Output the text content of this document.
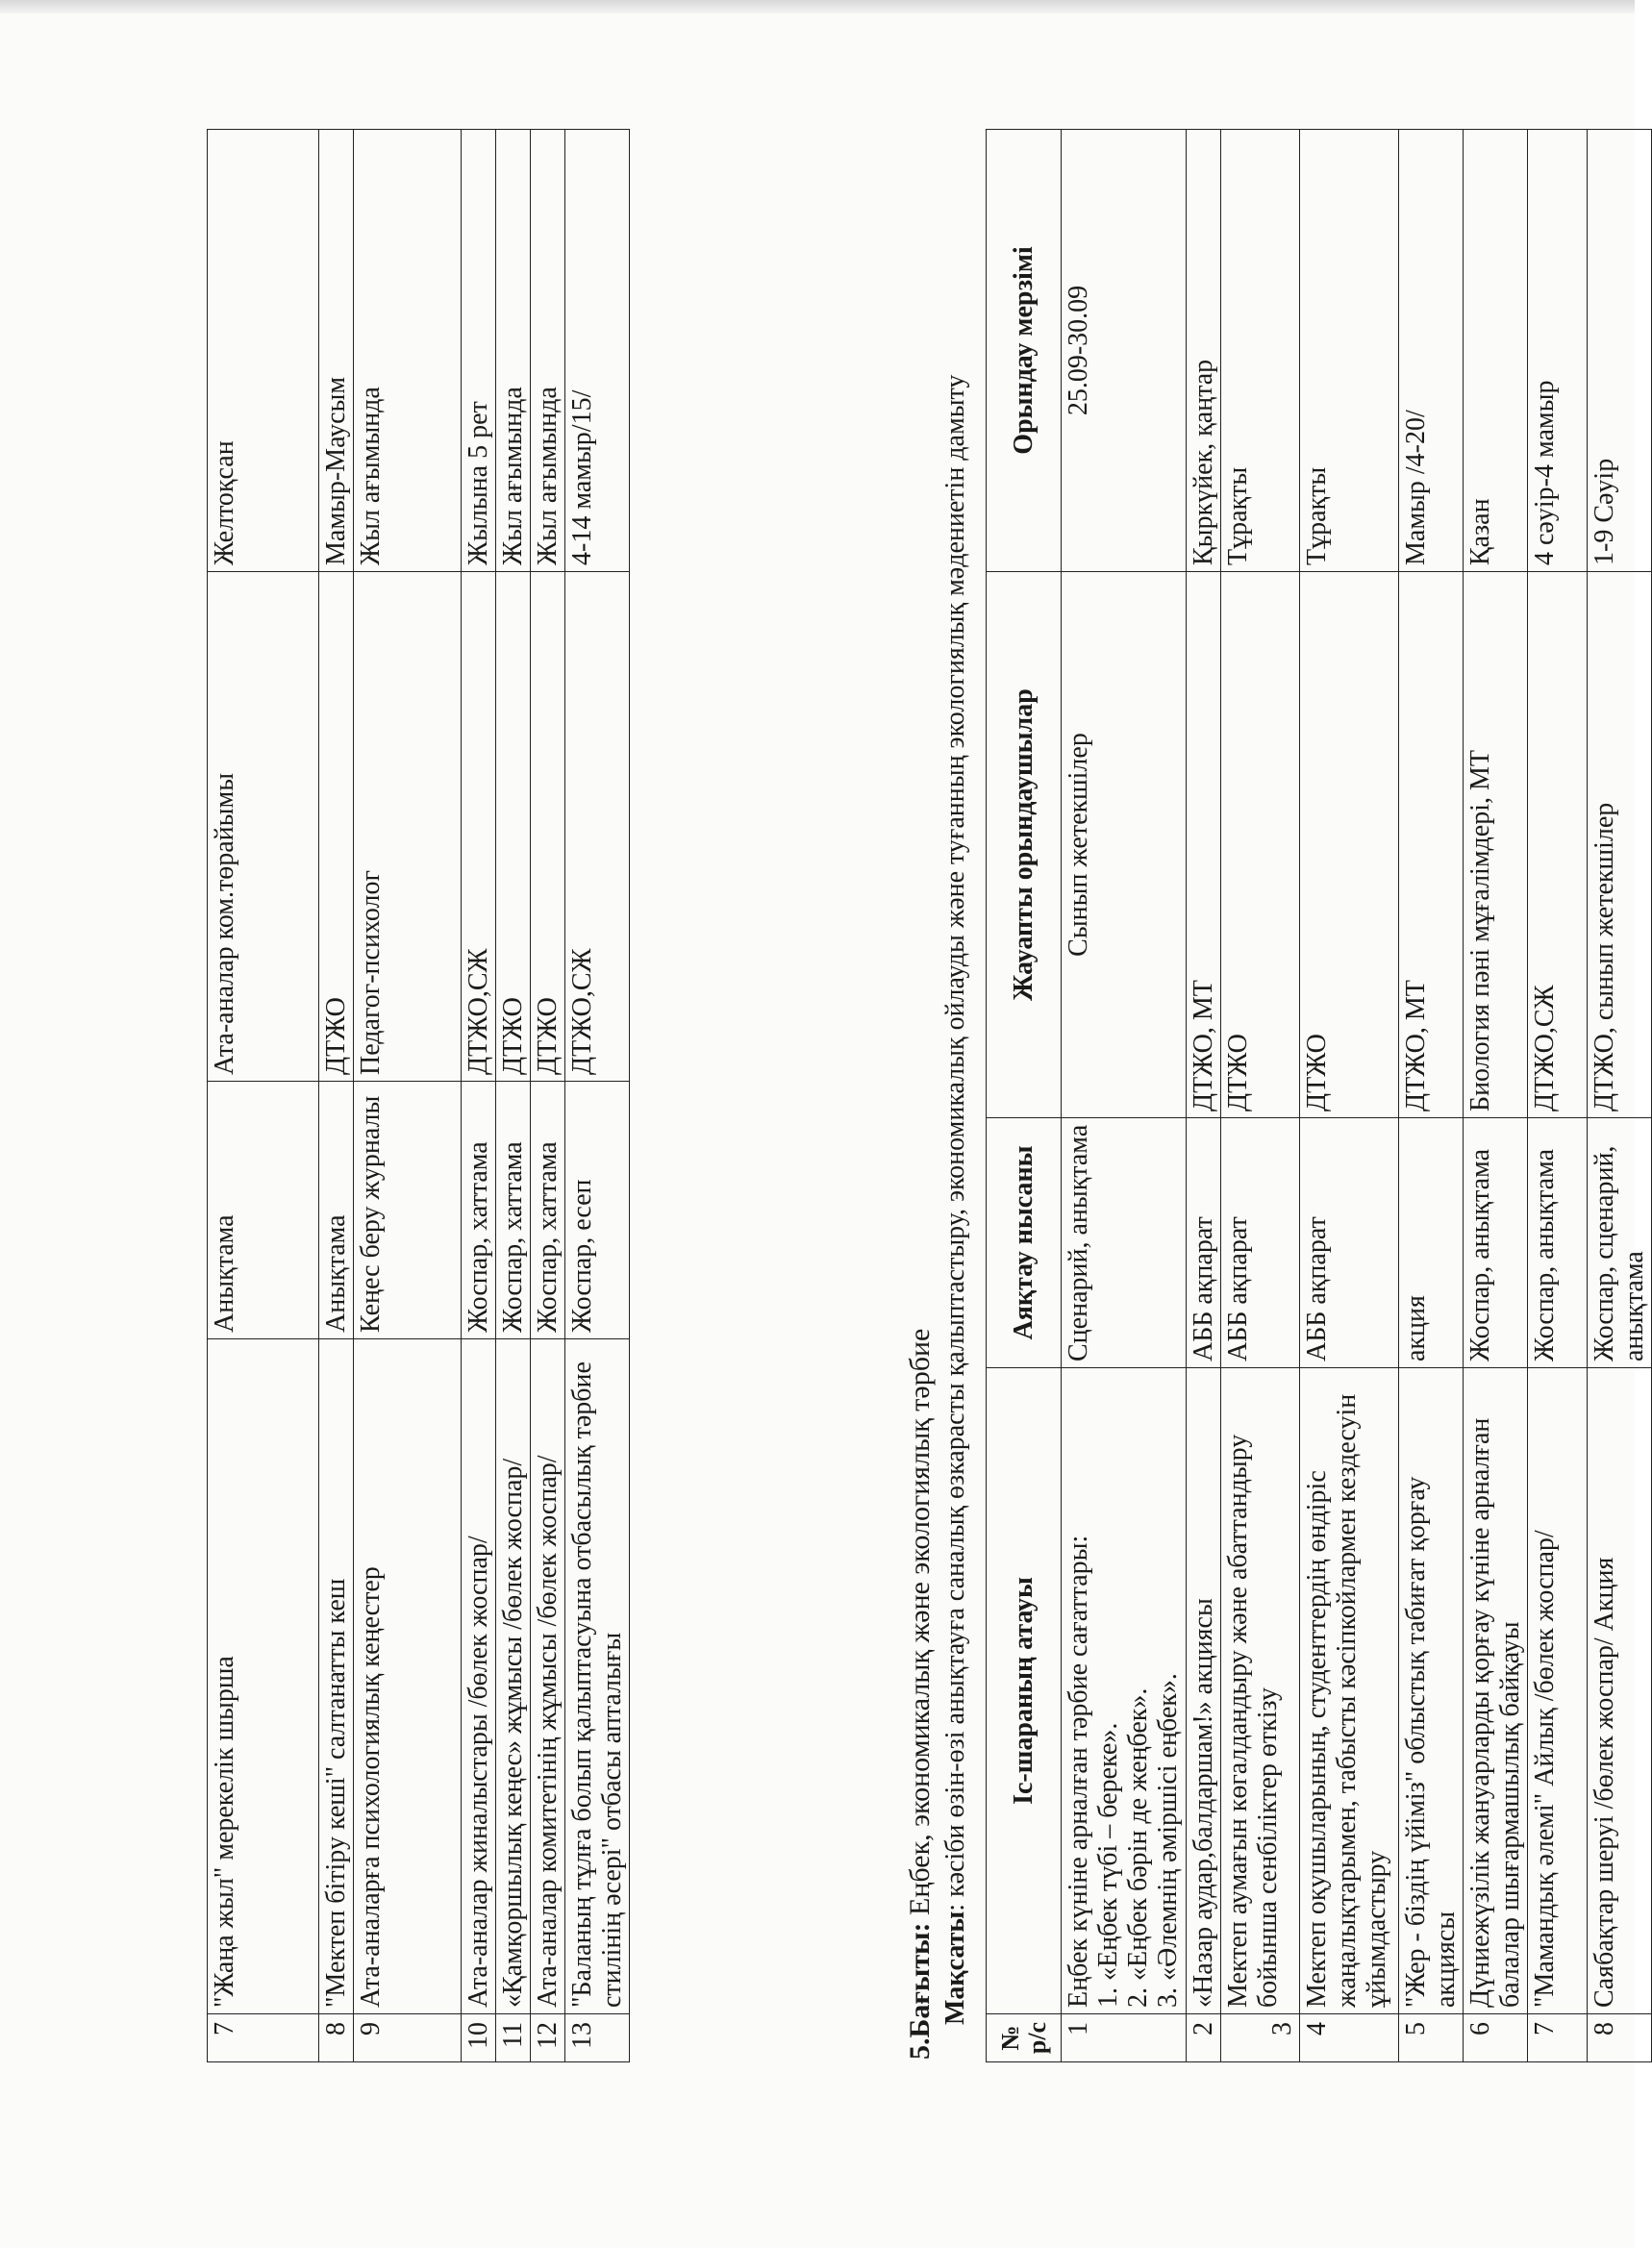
7	"Жаңа жыл" мерекелік шырша	Анықтама	Ата-аналар ком.төрайымы	Желтоқсан
8	"Мектеп бітіру кеші" салтанатты кеш	Анықтама	ДТЖО	Мамыр-Маусым
9	Ата-аналарға психологиялық кеңестер	Кеңес беру журналы	Педагог-психолог	Жыл ағымында
10	Ата-аналар жиналыстары /бөлек жоспар/	Жоспар, хаттама	ДТЖО,СЖ	Жылына 5 рет
11	«Қамқоршылық кеңес» жұмысы /бөлек жоспар/	Жоспар, хаттама	ДТЖО	Жыл ағымында
12	Ата-аналар комитетінің жұмысы /бөлек жоспар/	Жоспар, хаттама	ДТЖО	Жыл ағымында
13	"Баланың тұлға болып қалыптасуына отбасылық тәрбие стилінің әсері" отбасы апталығы	Жоспар, есеп	ДТЖО,СЖ	4-14 мамыр/15/
5.Бағыты: Еңбек, экономикалық және экологиялық тәрбие
Мақсаты: кәсіби өзін-өзі анықтауға саналық өзкарасты қалыптастыру, экономикалық ойлауды және туғанның экологиялық мәдениетін дамыту
№ р/с	Іс-шараның атауы	Аяқтау нысаны	Жауапты орындаушылар	Орындау мерзімі
1	Еңбек күніне арналған тәрбие сағаттары: 1. «Еңбек түбі – береке». 2. «Еңбек бәрін де жеңбек». 3. «Әлемнің әміршісі еңбек».	Сценарий, анықтама	Сынып жетекшілер	25.09-30.09
2	«Назар аудар,балдаршам!» акциясы	АББ ақпарат	ДТЖО, МТ	Қыркүйек, қаңтар
3	Мектеп аумағын көгалдандыру және абаттандыру бойынша сенбіліктер өткізу	АББ ақпарат	ДТЖО	Тұрақты
4	Мектеп оқушыларының, студенттердің өндіріс жаңалықтарымен, табысты кәсіпкойлармен кездесуін ұйымдастыру	АББ ақпарат	ДТЖО	Тұрақты
5	"Жер - біздің үйіміз" облыстық табиғат қорғау акциясы	акция	ДТЖО, МТ	Мамыр /4-20/
6	Дүниежүзілік жануарларды қорғау күніне арналған балалар шығармашылық байқауы	Жоспар, анықтама	Биология пәні мұғалімдері, МТ	Қазан
7	"Мамандық әлемі" Айлық /бөлек жоспар/	Жоспар, анықтама	ДТЖО,СЖ	4 сәуір-4 мамыр
8	Саябақтар шеруі /бөлек жоспар/ Акция	Жоспар, сценарий, анықтама	ДТЖО, сынып жетекшілер	1-9 Сәуір
